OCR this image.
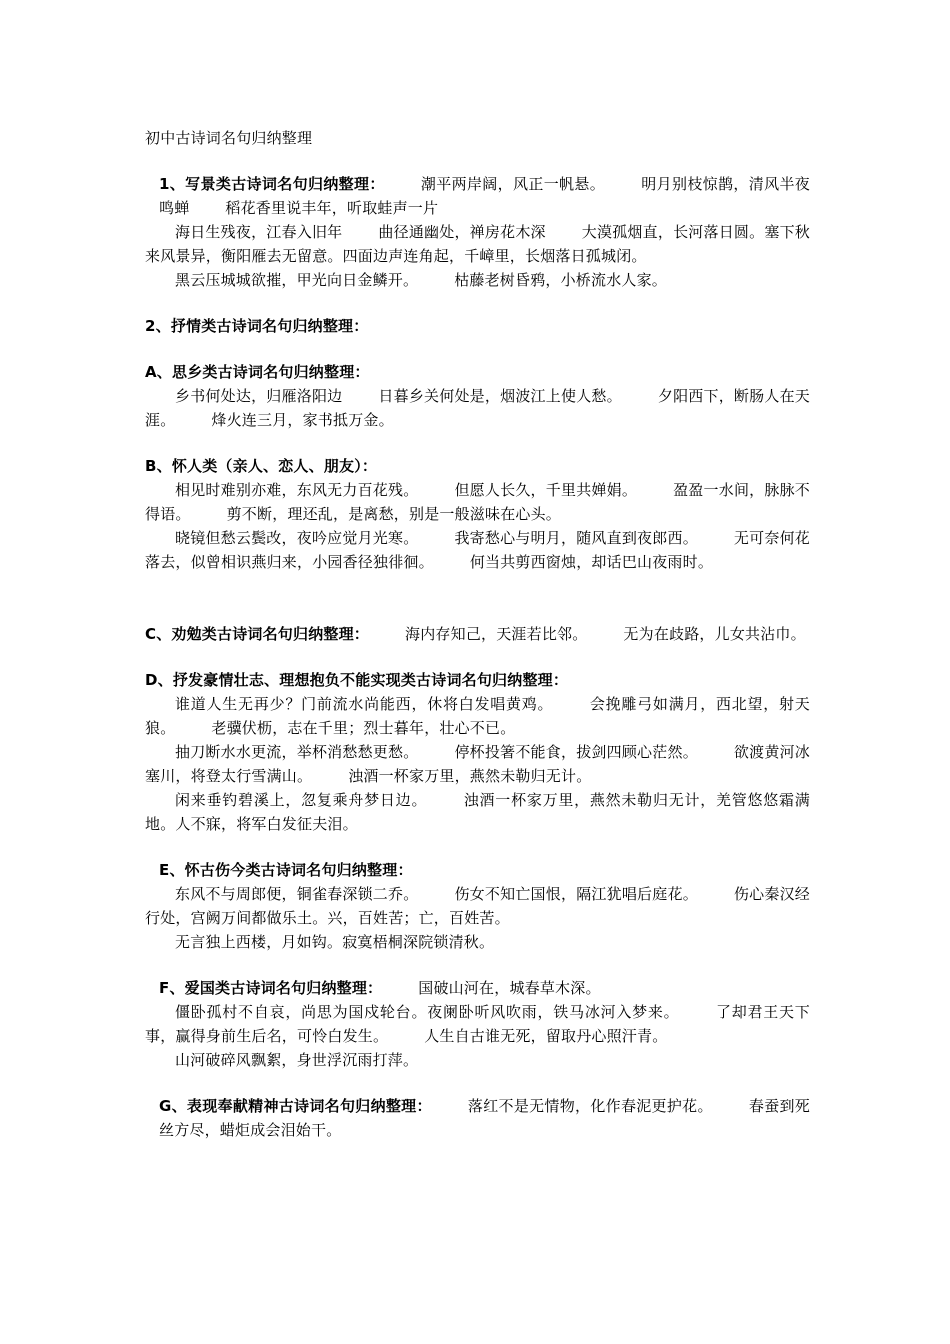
初中古诗词名句归纳整理

1、写景类古诗词名句归纳整理： 潮平两岸阔，风正一帆悬。 明月别枝惊鹊，清风半夜鸣蝉 稻花香里说丰年，听取蛙声一片

海日生残夜，江春入旧年 曲径通幽处，禅房花木深 大漠孤烟直，长河落日圆。塞下秋来风景异，衡阳雁去无留意。四面边声连角起，千嶂里，长烟落日孤城闭。

黑云压城城欲摧，甲光向日金鳞开。 枯藤老树昏鸦，小桥流水人家。

2、抒情类古诗词名句归纳整理：

A、思乡类古诗词名句归纳整理：

乡书何处达，归雁洛阳边 日暮乡关何处是，烟波江上使人愁。 夕阳西下，断肠人在天涯。 烽火连三月，家书抵万金。

B、怀人类（亲人、恋人、朋友）：

相见时难别亦难，东风无力百花残。 但愿人长久，千里共婵娟。 盈盈一水间，脉脉不得语。 剪不断，理还乱，是离愁，别是一般滋味在心头。

晓镜但愁云鬓改，夜吟应觉月光寒。 我寄愁心与明月，随风直到夜郎西。 无可奈何花落去，似曾相识燕归来，小园香径独徘徊。 何当共剪西窗烛，却话巴山夜雨时。

C、劝勉类古诗词名句归纳整理： 海内存知己，天涯若比邻。 无为在歧路，儿女共沾巾。

D、抒发豪情壮志、理想抱负不能实现类古诗词名句归纳整理：

谁道人生无再少？门前流水尚能西，休将白发唱黄鸡。 会挽雕弓如满月，西北望，射天狼。 老骥伏枥，志在千里；烈士暮年，壮心不已。

抽刀断水水更流，举杯消愁愁更愁。 停杯投箸不能食，拔剑四顾心茫然。 欲渡黄河冰塞川，将登太行雪满山。 浊酒一杯家万里，燕然未勒归无计。

闲来垂钓碧溪上，忽复乘舟梦日边。 浊酒一杯家万里，燕然未勒归无计，羌管悠悠霜满地。人不寐，将军白发征夫泪。

E、怀古伤今类古诗词名句归纳整理：

东风不与周郎便，铜雀春深锁二乔。 伤女不知亡国恨，隔江犹唱后庭花。 伤心秦汉经行处，宫阙万间都做乐土。兴，百姓苦；亡，百姓苦。

无言独上西楼，月如钩。寂寞梧桐深院锁清秋。

F、爱国类古诗词名句归纳整理： 国破山河在，城春草木深。

僵卧孤村不自哀，尚思为国戍轮台。夜阑卧听风吹雨，铁马冰河入梦来。 了却君王天下事，赢得身前生后名，可怜白发生。 人生自古谁无死，留取丹心照汗青。

山河破碎风飘絮，身世浮沉雨打萍。

G、表现奉献精神古诗词名句归纳整理： 落红不是无情物，化作春泥更护花。 春蚕到死丝方尽，蜡炬成会泪始干。
